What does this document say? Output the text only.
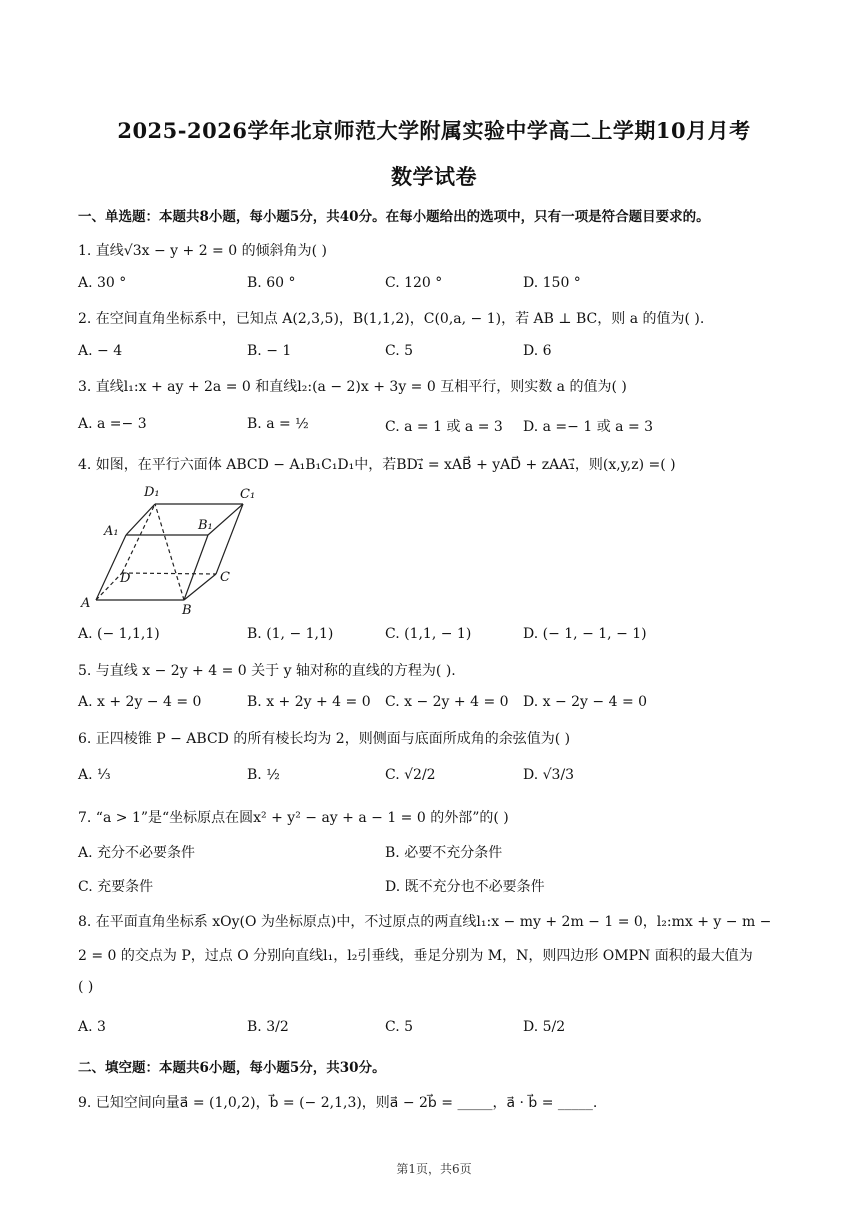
2025-2026学年北京师范大学附属实验中学高二上学期10月月考
数学试卷
一、单选题：本题共8小题，每小题5分，共40分。在每小题给出的选项中，只有一项是符合题目要求的。
1. 直线√3x − y + 2 = 0 的倾斜角为( )
A. 30 °	B. 60 °	C. 120 °	D. 150 °
2. 在空间直角坐标系中，已知点 A(2,3,5)，B(1,1,2)，C(0,a, − 1)，若 AB ⊥ BC，则 a 的值为( ).
A. − 4	B. − 1	C. 5	D. 6
3. 直线l₁:x + ay + 2a = 0 和直线l₂:(a − 2)x + 3y = 0 互相平行，则实数 a 的值为( )
A. a =− 3	B. a = ½	C. a = 1 或 a = 3 D. a =− 1 或 a = 3
4. 如图，在平行六面体 ABCD − A₁B₁C₁D₁中，若BD₁⃗ = xAB⃗ + yAD⃗ + zAA₁⃗，则(x,y,z) =( )
A	B
C
D
A₁	B₁
C₁
D₁
A. (− 1,1,1)	B. (1, − 1,1)	C. (1,1, − 1)	D. (− 1, − 1, − 1)
5. 与直线 x − 2y + 4 = 0 关于 y 轴对称的直线的方程为( ).
A. x + 2y − 4 = 0	B. x + 2y + 4 = 0 C. x − 2y + 4 = 0 D. x − 2y − 4 = 0
6. 正四棱锥 P − ABCD 的所有棱长均为 2，则侧面与底面所成角的余弦值为( )
A. ⅓	B. ½	C. √2/2	D. √3/3
7. “a > 1”是“坐标原点在圆x² + y² − ay + a − 1 = 0 的外部”的( )
A. 充分不必要条件	B. 必要不充分条件
C. 充要条件	D. 既不充分也不必要条件
8. 在平面直角坐标系 xOy(O 为坐标原点)中，不过原点的两直线l₁:x − my + 2m − 1 = 0，l₂:mx + y − m −
2 = 0 的交点为 P，过点 O 分别向直线l₁，l₂引垂线，垂足分别为 M，N，则四边形 OMPN 面积的最大值为
( )
A. 3	B. 3/2	C. 5	D. 5/2
二、填空题：本题共6小题，每小题5分，共30分。
9. 已知空间向量a⃗ = (1,0,2)，b⃗ = (− 2,1,3)，则a⃗ − 2b⃗ = _____，a⃗ · b⃗ = _____.
第1页，共6页
